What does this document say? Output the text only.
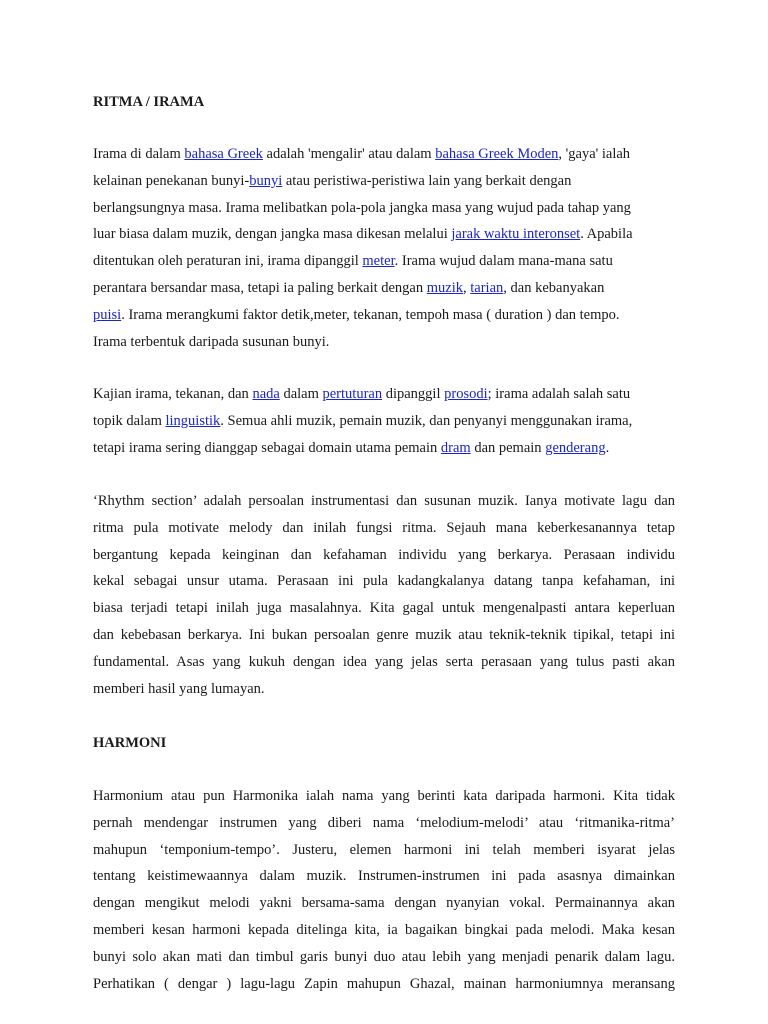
RITMA / IRAMA
Irama di dalam bahasa Greek adalah 'mengalir' atau dalam bahasa Greek Moden, 'gaya' ialah
kelainan penekanan bunyi-bunyi atau peristiwa-peristiwa lain yang berkait dengan
berlangsungnya masa. Irama melibatkan pola-pola jangka masa yang wujud pada tahap yang
luar biasa dalam muzik, dengan jangka masa dikesan melalui jarak waktu interonset. Apabila
ditentukan oleh peraturan ini, irama dipanggil meter. Irama wujud dalam mana-mana satu
perantara bersandar masa, tetapi ia paling berkait dengan muzik, tarian, dan kebanyakan
puisi. Irama merangkumi faktor detik,meter, tekanan, tempoh masa ( duration ) dan tempo.
Irama terbentuk daripada susunan bunyi.
Kajian irama, tekanan, dan nada dalam pertuturan dipanggil prosodi; irama adalah salah satu
topik dalam linguistik. Semua ahli muzik, pemain muzik, dan penyanyi menggunakan irama,
tetapi irama sering dianggap sebagai domain utama pemain dram dan pemain genderang.
‘Rhythm section’ adalah persoalan instrumentasi dan susunan muzik. Ianya motivate lagu dan
ritma pula motivate melody dan inilah fungsi ritma. Sejauh mana keberkesanannya tetap
bergantung kepada keinginan dan kefahaman individu yang berkarya. Perasaan individu
kekal sebagai unsur utama. Perasaan ini pula kadangkalanya datang tanpa kefahaman, ini
biasa terjadi tetapi inilah juga masalahnya. Kita gagal untuk mengenalpasti antara keperluan
dan kebebasan berkarya. Ini bukan persoalan genre muzik atau teknik-teknik tipikal, tetapi ini
fundamental. Asas yang kukuh dengan idea yang jelas serta perasaan yang tulus pasti akan
memberi hasil yang lumayan.
HARMONI
Harmonium atau pun Harmonika ialah nama yang berinti kata daripada harmoni. Kita tidak
pernah mendengar instrumen yang diberi nama ‘melodium-melodi’ atau ‘ritmanika-ritma’
mahupun ‘temponium-tempo’. Justeru, elemen harmoni ini telah memberi isyarat jelas
tentang keistimewaannya dalam muzik. Instrumen-instrumen ini pada asasnya dimainkan
dengan mengikut melodi yakni bersama-sama dengan nyanyian vokal. Permainannya akan
memberi kesan harmoni kepada ditelinga kita, ia bagaikan bingkai pada melodi. Maka kesan
bunyi solo akan mati dan timbul garis bunyi duo atau lebih yang menjadi penarik dalam lagu.
Perhatikan ( dengar ) lagu-lagu Zapin mahupun Ghazal, mainan harmoniumnya meransang
